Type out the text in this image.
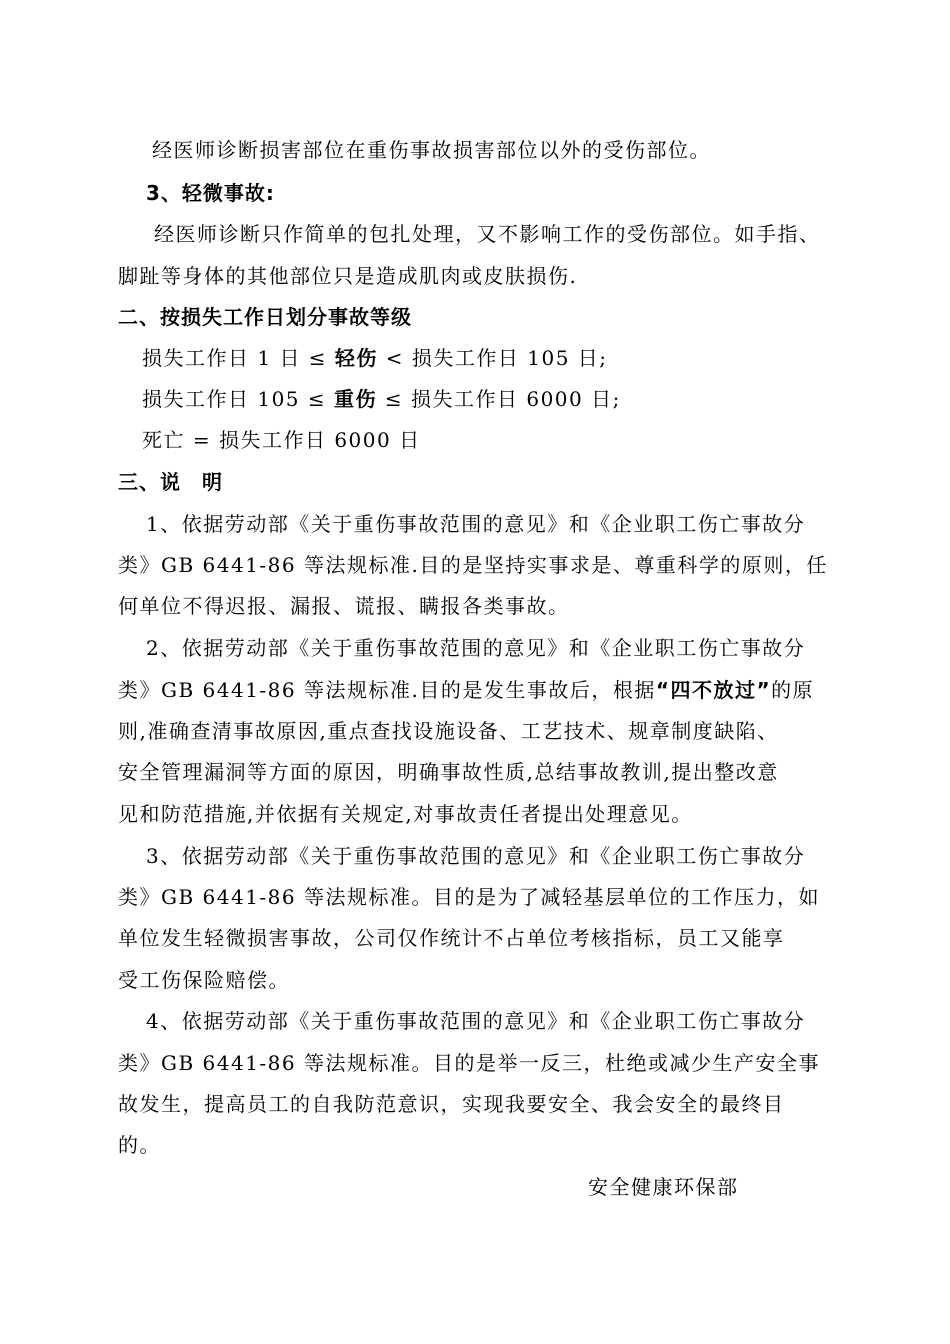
经医师诊断损害部位在重伤事故损害部位以外的受伤部位。
3、轻微事故:
经医师诊断只作简单的包扎处理，又不影响工作的受伤部位。如手指、
脚趾等身体的其他部位只是造成肌肉或皮肤损伤.
二、按损失工作日划分事故等级
损失工作日 1 日 ≤ 轻伤 < 损失工作日 105 日;
损失工作日 105 ≤ 重伤 ≤ 损失工作日 6000 日;
死亡 = 损失工作日 6000 日
三、说　明
1、依据劳动部《关于重伤事故范围的意见》和《企业职工伤亡事故分
类》GB 6441-86 等法规标准.目的是坚持实事求是、尊重科学的原则，任
何单位不得迟报、漏报、谎报、瞒报各类事故。
2、依据劳动部《关于重伤事故范围的意见》和《企业职工伤亡事故分
类》GB 6441-86 等法规标准.目的是发生事故后，根据“四不放过”的原
则,准确查清事故原因,重点查找设施设备、工艺技术、规章制度缺陷、
安全管理漏洞等方面的原因，明确事故性质,总结事故教训,提出整改意
见和防范措施,并依据有关规定,对事故责任者提出处理意见。
3、依据劳动部《关于重伤事故范围的意见》和《企业职工伤亡事故分
类》GB 6441-86 等法规标准。目的是为了减轻基层单位的工作压力，如
单位发生轻微损害事故，公司仅作统计不占单位考核指标，员工又能享
受工伤保险赔偿。
4、依据劳动部《关于重伤事故范围的意见》和《企业职工伤亡事故分
类》GB 6441-86 等法规标准。目的是举一反三，杜绝或减少生产安全事
故发生，提高员工的自我防范意识，实现我要安全、我会安全的最终目
的。
安全健康环保部
